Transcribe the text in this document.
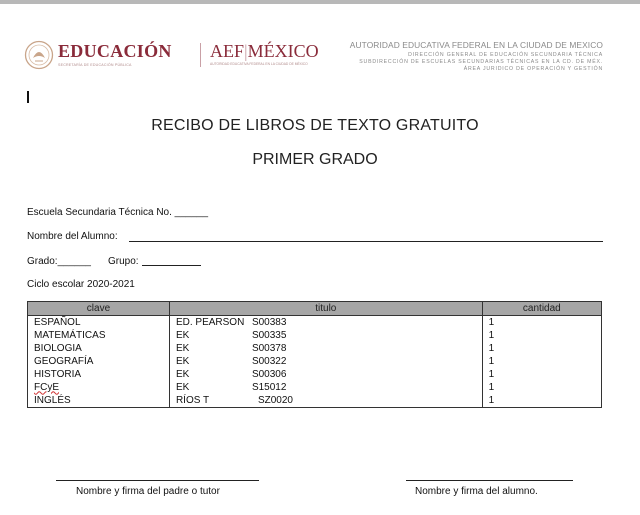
EDUCACIÓN
SECRETARÍA DE EDUCACIÓN PÚBLICA
AEF|MÉXICO
AUTORIDAD EDUCATIVA FEDERAL EN LA CIUDAD DE MÉXICO
AUTORIDAD EDUCATIVA FEDERAL EN LA CIUDAD DE MEXICO
DIRECCIÓN GENERAL DE EDUCACIÓN SECUNDARIA TÉCNICA
SUBDIRECCIÓN DE ESCUELAS SECUNDARIAS TÉCNICAS EN LA CD. DE MÉX.
ÁREA JURIDICO DE OPERACIÓN Y GESTIÓN
RECIBO DE LIBROS DE TEXTO GRATUITO
PRIMER GRADO
Escuela Secundaria Técnica No. ______
Nombre del Alumno:
Grado:______ Grupo:
Ciclo escolar 2020-2021
clave	titulo	cantidad
ESPAÑOL	ED. PEARSON S00383	1
MATEMÁTICAS	EK S00335	1
BIOLOGIA	EK S00378	1
GEOGRAFÍA	EK S00322	1
HISTORIA	EK S00306	1
FCyE	EK S15012	1
INGLÉS	RÍOS T SZ0020	1
Nombre y firma del padre o tutor	Nombre y firma del alumno.
